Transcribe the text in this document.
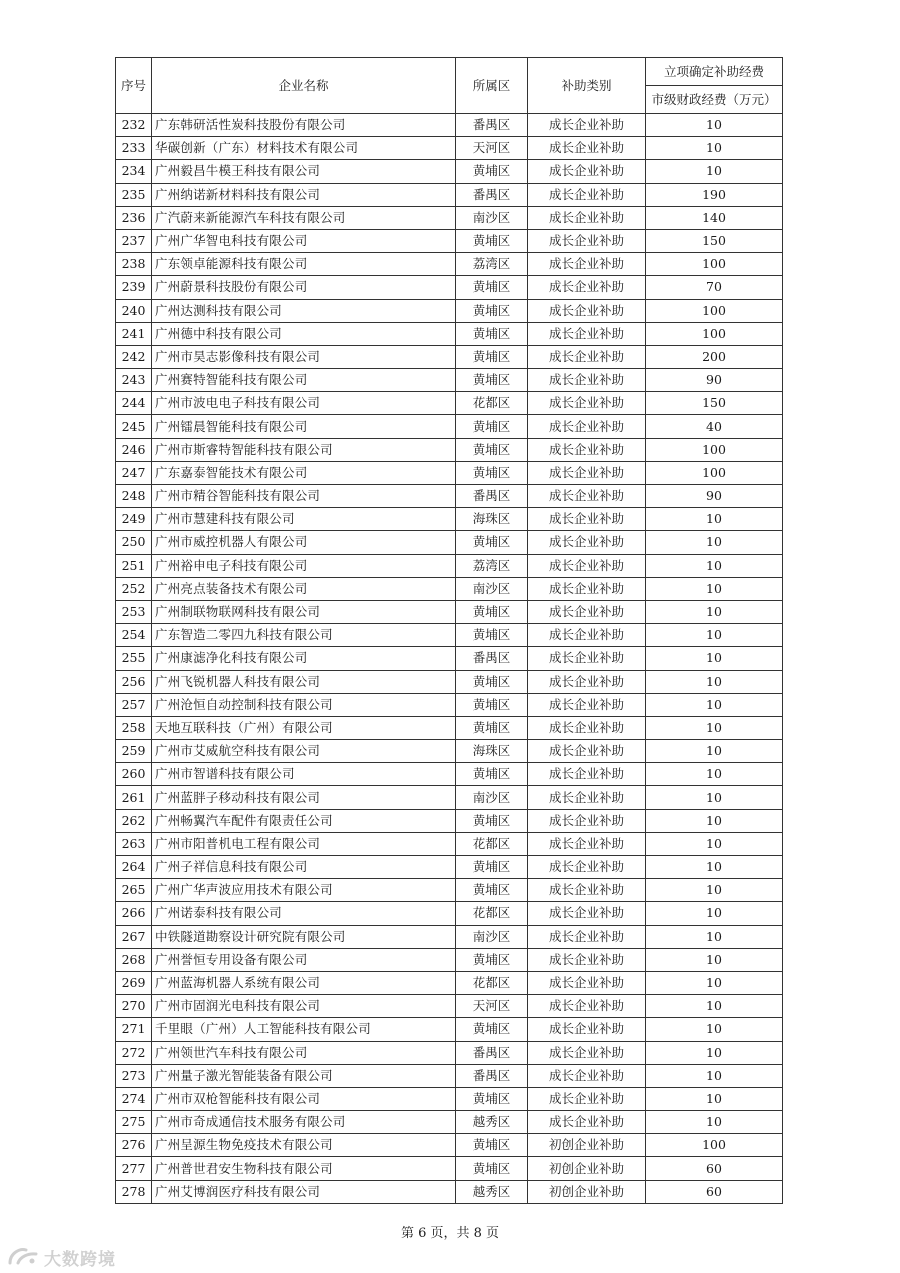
序号	企业名称	所属区	补助类别	立项确定补助经费
				市级财政经费（万元）
232	广东韩研活性炭科技股份有限公司	番禺区	成长企业补助	10
233	华碳创新（广东）材料技术有限公司	天河区	成长企业补助	10
234	广州毅昌牛模王科技有限公司	黄埔区	成长企业补助	10
235	广州纳诺新材料科技有限公司	番禺区	成长企业补助	190
236	广汽蔚来新能源汽车科技有限公司	南沙区	成长企业补助	140
237	广州广华智电科技有限公司	黄埔区	成长企业补助	150
238	广东领卓能源科技有限公司	荔湾区	成长企业补助	100
239	广州蔚景科技股份有限公司	黄埔区	成长企业补助	70
240	广州达测科技有限公司	黄埔区	成长企业补助	100
241	广州德中科技有限公司	黄埔区	成长企业补助	100
242	广州市昊志影像科技有限公司	黄埔区	成长企业补助	200
243	广州赛特智能科技有限公司	黄埔区	成长企业补助	90
244	广州市波电电子科技有限公司	花都区	成长企业补助	150
245	广州镭晨智能科技有限公司	黄埔区	成长企业补助	40
246	广州市斯睿特智能科技有限公司	黄埔区	成长企业补助	100
247	广东嘉泰智能技术有限公司	黄埔区	成长企业补助	100
248	广州市精谷智能科技有限公司	番禺区	成长企业补助	90
249	广州市慧建科技有限公司	海珠区	成长企业补助	10
250	广州市威控机器人有限公司	黄埔区	成长企业补助	10
251	广州裕申电子科技有限公司	荔湾区	成长企业补助	10
252	广州亮点装备技术有限公司	南沙区	成长企业补助	10
253	广州制联物联网科技有限公司	黄埔区	成长企业补助	10
254	广东智造二零四九科技有限公司	黄埔区	成长企业补助	10
255	广州康滤净化科技有限公司	番禺区	成长企业补助	10
256	广州飞锐机器人科技有限公司	黄埔区	成长企业补助	10
257	广州沧恒自动控制科技有限公司	黄埔区	成长企业补助	10
258	天地互联科技（广州）有限公司	黄埔区	成长企业补助	10
259	广州市艾威航空科技有限公司	海珠区	成长企业补助	10
260	广州市智谱科技有限公司	黄埔区	成长企业补助	10
261	广州蓝胖子移动科技有限公司	南沙区	成长企业补助	10
262	广州畅翼汽车配件有限责任公司	黄埔区	成长企业补助	10
263	广州市阳普机电工程有限公司	花都区	成长企业补助	10
264	广州子祥信息科技有限公司	黄埔区	成长企业补助	10
265	广州广华声波应用技术有限公司	黄埔区	成长企业补助	10
266	广州诺泰科技有限公司	花都区	成长企业补助	10
267	中铁隧道勘察设计研究院有限公司	南沙区	成长企业补助	10
268	广州誉恒专用设备有限公司	黄埔区	成长企业补助	10
269	广州蓝海机器人系统有限公司	花都区	成长企业补助	10
270	广州市固润光电科技有限公司	天河区	成长企业补助	10
271	千里眼（广州）人工智能科技有限公司	黄埔区	成长企业补助	10
272	广州领世汽车科技有限公司	番禺区	成长企业补助	10
273	广州量子激光智能装备有限公司	番禺区	成长企业补助	10
274	广州市双枪智能科技有限公司	黄埔区	成长企业补助	10
275	广州市奇成通信技术服务有限公司	越秀区	成长企业补助	10
276	广州呈源生物免疫技术有限公司	黄埔区	初创企业补助	100
277	广州普世君安生物科技有限公司	黄埔区	初创企业补助	60
278	广州艾博润医疗科技有限公司	越秀区	初创企业补助	60
第 6 页，共 8 页
大数跨境
